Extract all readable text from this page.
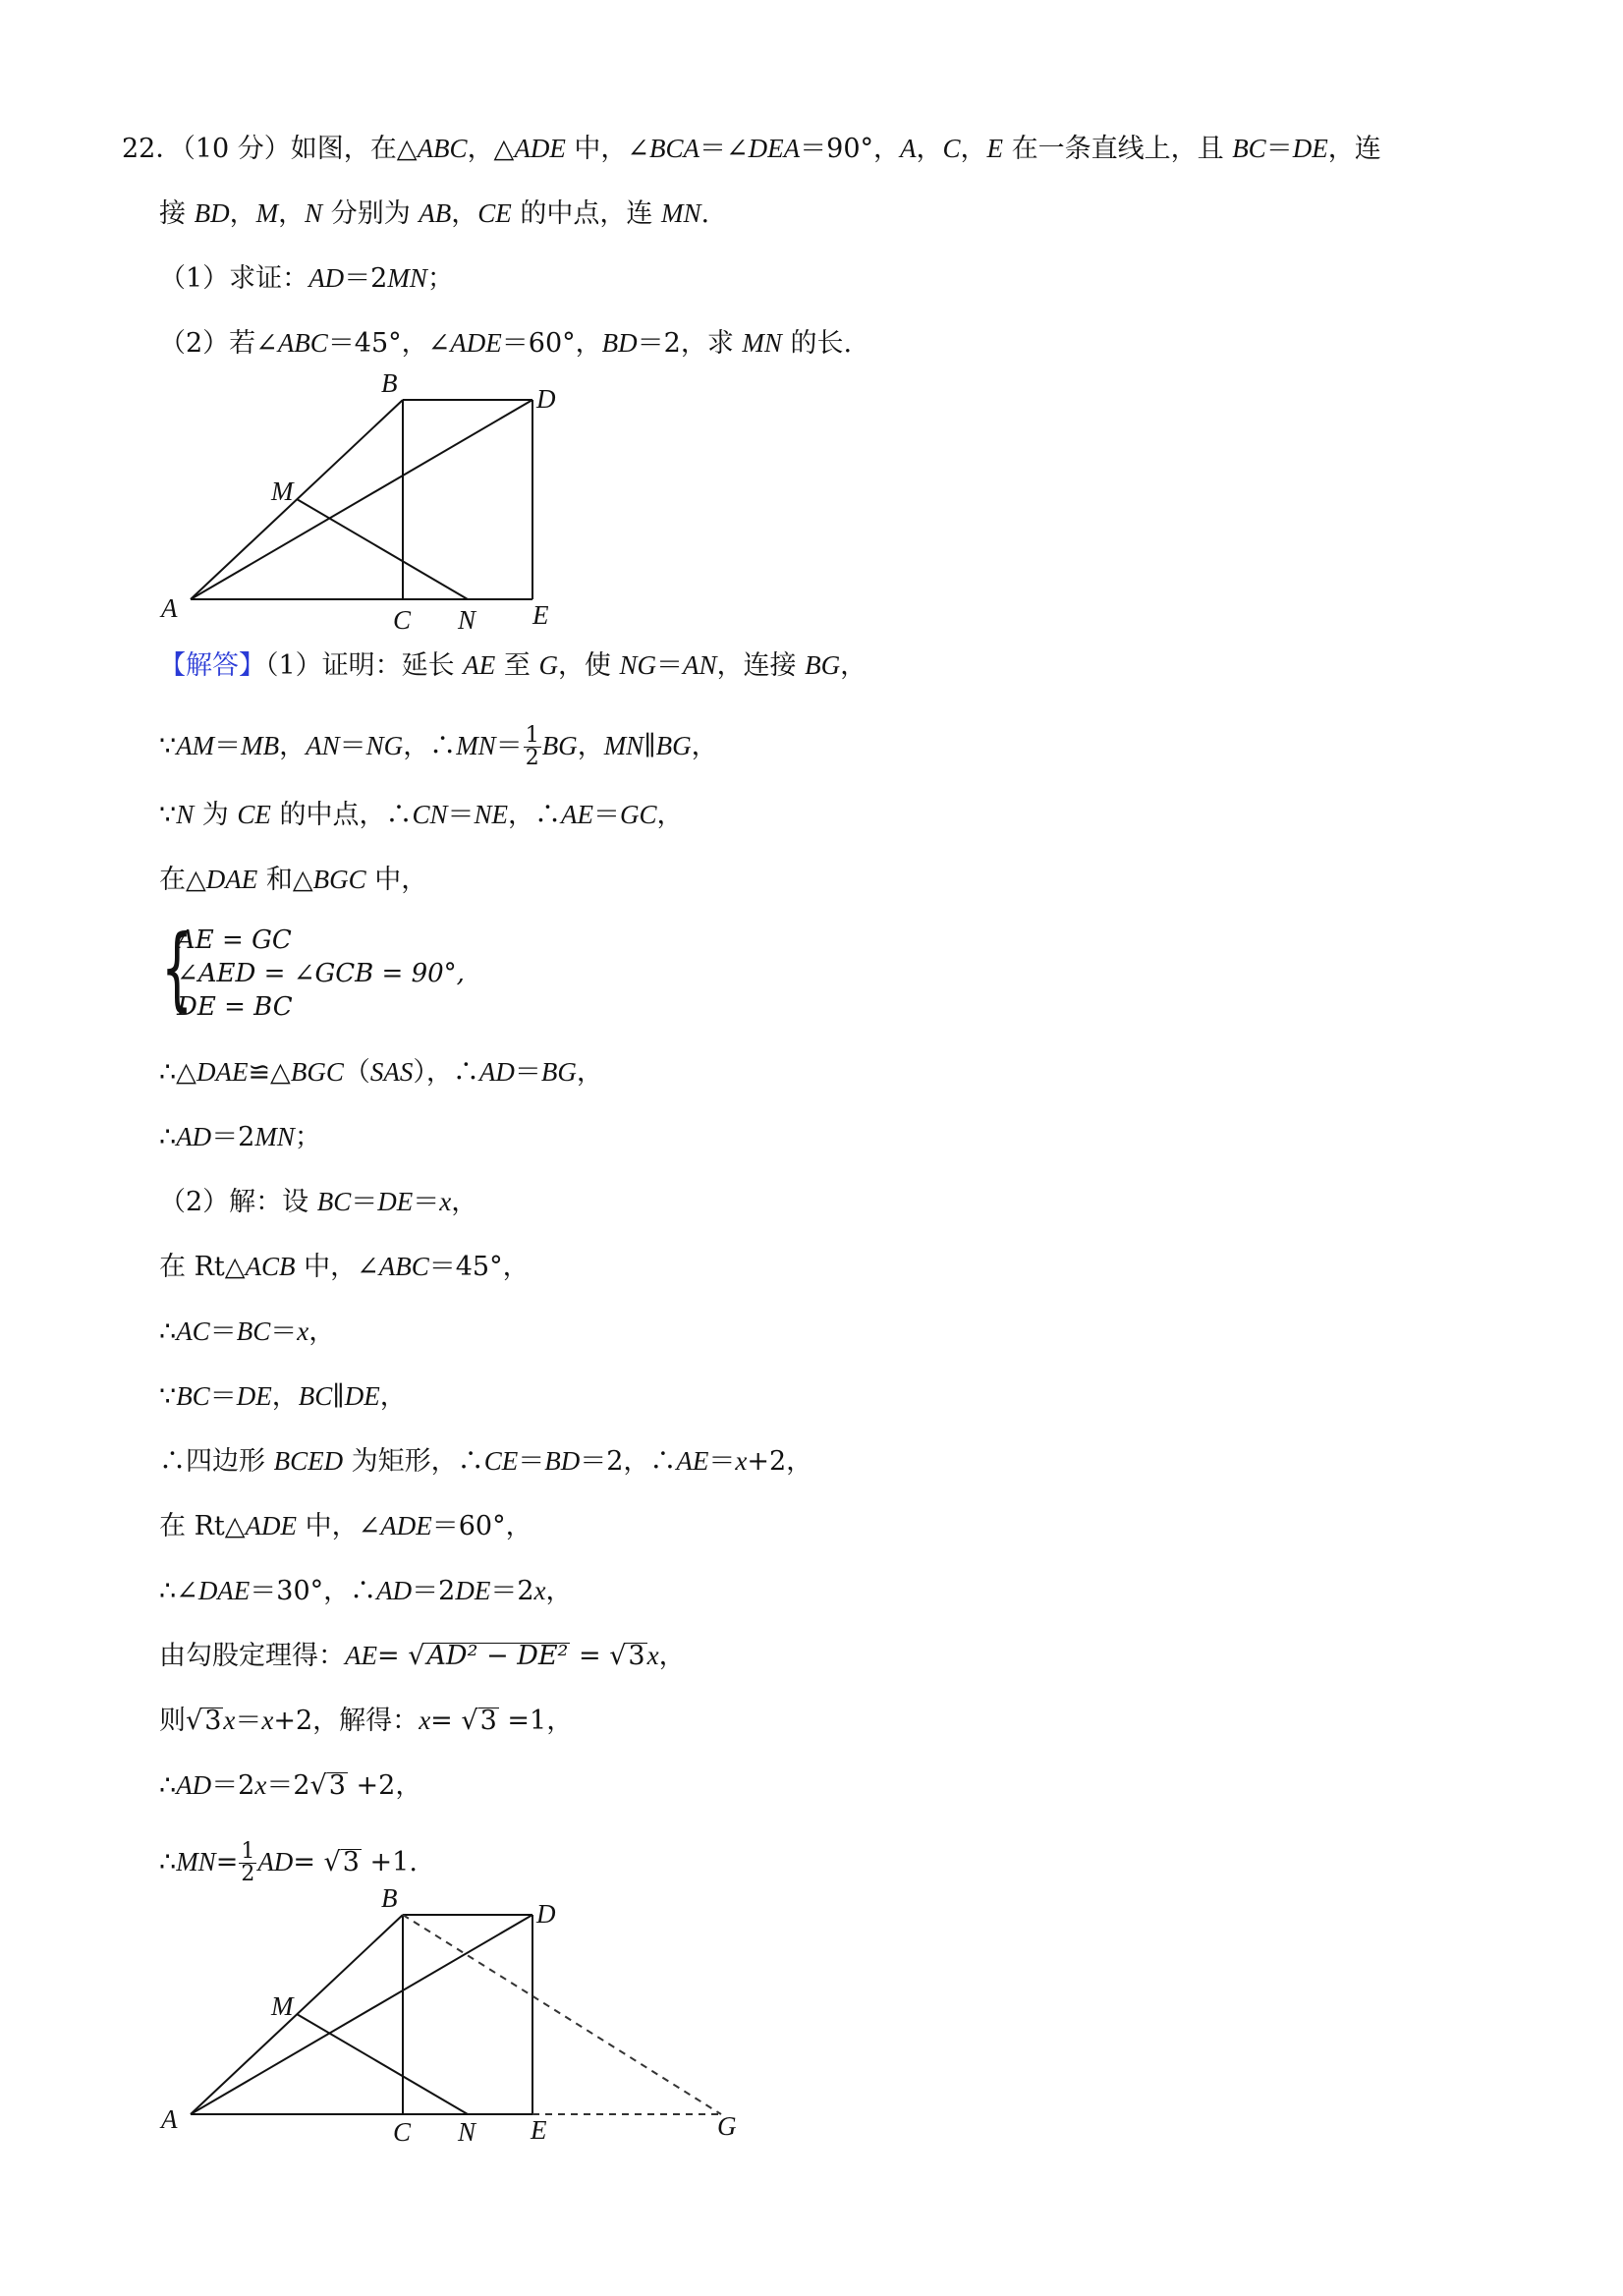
22．（10 分）如图，在△ABC，△ADE 中，∠BCA＝∠DEA＝90°，A，C，E 在一条直线上，且 BC＝DE，连
接 BD，M，N 分别为 AB，CE 的中点，连 MN.
（1）求证：AD＝2MN；
（2）若∠ABC＝45°，∠ADE＝60°，BD＝2，求 MN 的长.
A
B
C
D
E
M
N
【解答】（1）证明：延长 AE 至 G，使 NG＝AN，连接 BG，
∵AM＝MB，AN＝NG，∴MN＝ $\frac{1}{2}$ BG，MN∥BG，
∵N 为 CE 的中点，∴CN＝NE，∴AE＝GC，
在△DAE 和△BGC 中，
{
AE = GC
∠AED = ∠GCB = 90°,
DE = BC
∴△DAE≌△BGC（SAS），∴AD＝BG，
∴AD＝2MN；
（2）解：设 BC＝DE＝x，
在 Rt△ACB 中，∠ABC＝45°，
∴AC＝BC＝x，
∵BC＝DE，BC∥DE，
∴四边形 BCED 为矩形，∴CE＝BD＝2，∴AE＝x+2，
在 Rt△ADE 中，∠ADE＝60°，
∴∠DAE＝30°，∴AD＝2DE＝2x，
由勾股定理得：AE= √AD² − DE² = √3x，
则√3x＝x+2，解得：x= √3 =1，
∴AD＝2x＝2√3 +2，
∴MN= $\frac{1}{2} AD= √3 +1$.
A
B
C
D
E
M
N	G
